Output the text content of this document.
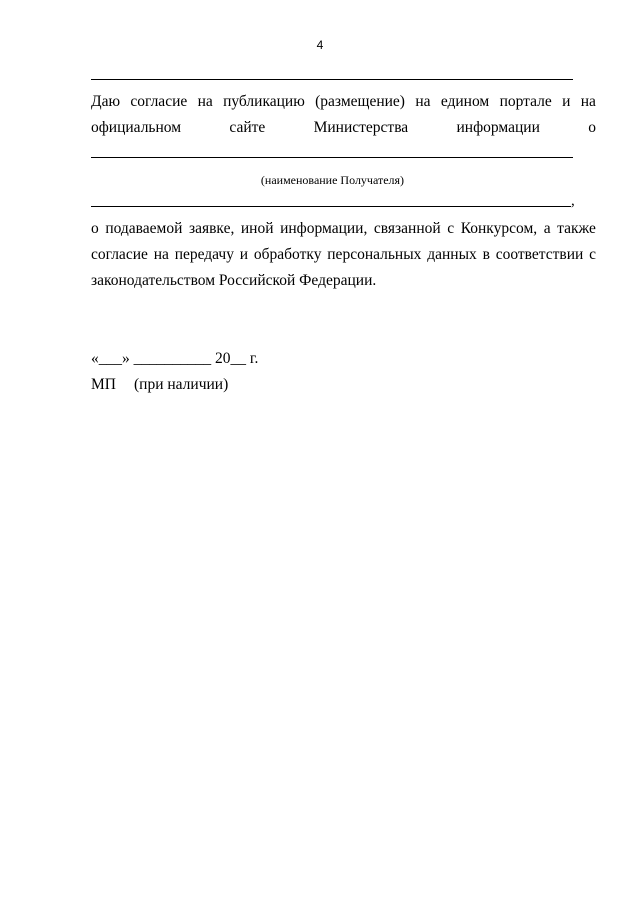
4
Даю согласие на публикацию (размещение) на едином портале и на
официальном	сайте	Министерства	информации	о
(наименование Получателя)
,
о подаваемой заявке, иной информации, связанной с Конкурсом, а также
согласие на передачу и обработку персональных данных в соответствии с
законодательством Российской Федерации.
«___» __________ 20__ г.
МП (при наличии)
